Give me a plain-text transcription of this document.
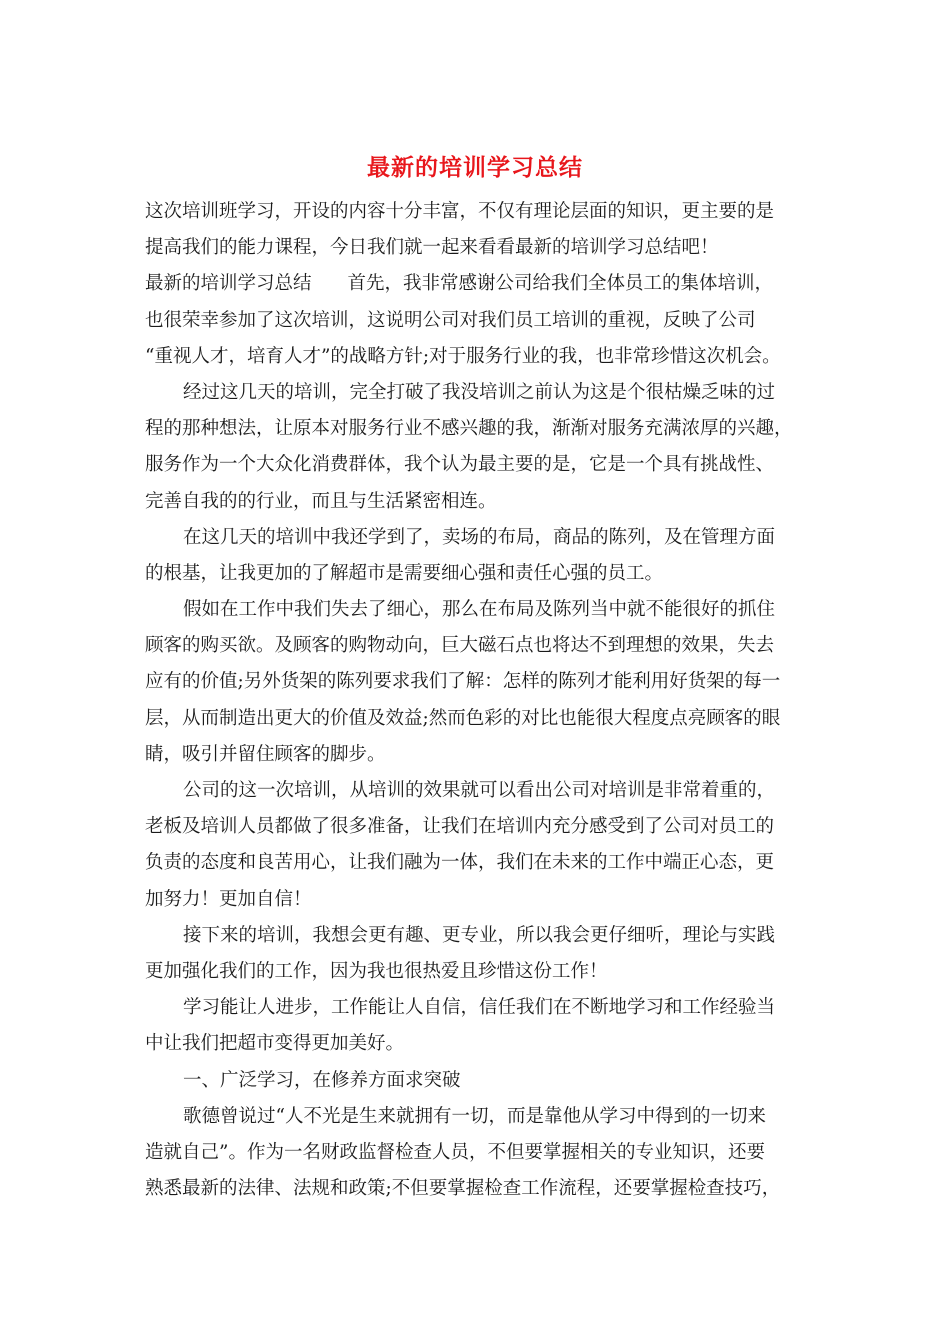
最新的培训学习总结
这次培训班学习，开设的内容十分丰富，不仅有理论层面的知识，更主要的是
提高我们的能力课程，今日我们就一起来看看最新的培训学习总结吧！
最新的培训学习总结 首先，我非常感谢公司给我们全体员工的集体培训，
也很荣幸参加了这次培训，这说明公司对我们员工培训的重视，反映了公司
“重视人才，培育人才”的战略方针;对于服务行业的我，也非常珍惜这次机会。
经过这几天的培训，完全打破了我没培训之前认为这是个很枯燥乏味的过
程的那种想法，让原本对服务行业不感兴趣的我，渐渐对服务充满浓厚的兴趣，
服务作为一个大众化消费群体，我个认为最主要的是，它是一个具有挑战性、
完善自我的的行业，而且与生活紧密相连。
在这几天的培训中我还学到了，卖场的布局，商品的陈列，及在管理方面
的根基，让我更加的了解超市是需要细心强和责任心强的员工。
假如在工作中我们失去了细心，那么在布局及陈列当中就不能很好的抓住
顾客的购买欲。及顾客的购物动向，巨大磁石点也将达不到理想的效果，失去
应有的价值;另外货架的陈列要求我们了解：怎样的陈列才能利用好货架的每一
层，从而制造出更大的价值及效益;然而色彩的对比也能很大程度点亮顾客的眼
睛，吸引并留住顾客的脚步。
公司的这一次培训，从培训的效果就可以看出公司对培训是非常着重的，
老板及培训人员都做了很多准备，让我们在培训内充分感受到了公司对员工的
负责的态度和良苦用心，让我们融为一体，我们在未来的工作中端正心态，更
加努力！更加自信！
接下来的培训，我想会更有趣、更专业，所以我会更仔细听，理论与实践
更加强化我们的工作，因为我也很热爱且珍惜这份工作！
学习能让人进步，工作能让人自信，信任我们在不断地学习和工作经验当
中让我们把超市变得更加美好。
一、广泛学习，在修养方面求突破
歌德曾说过“人不光是生来就拥有一切，而是靠他从学习中得到的一切来
造就自己”。作为一名财政监督检查人员，不但要掌握相关的专业知识，还要
熟悉最新的法律、法规和政策;不但要掌握检查工作流程，还要掌握检查技巧，
